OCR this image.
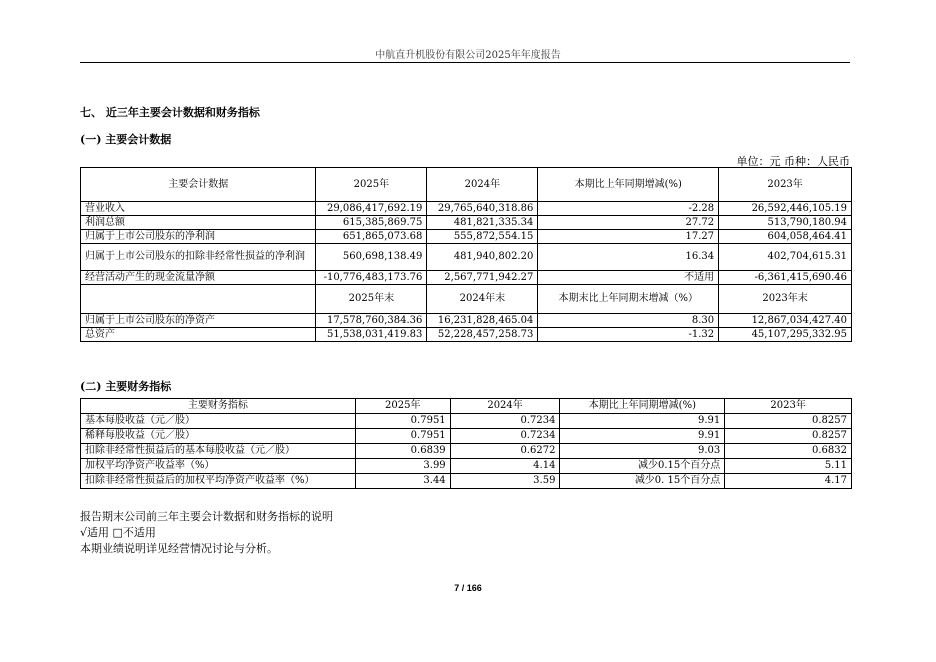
中航直升机股份有限公司2025年年度报告
七、 近三年主要会计数据和财务指标
(一) 主要会计数据
单位：元 币种：人民币
主要会计数据	2025年	2024年	本期比上年同期增减(%)	2023年
营业收入	29,086,417,692.19	29,765,640,318.86	-2.28	26,592,446,105.19
利润总额	615,385,869.75	481,821,335.34	27.72	513,790,180.94
归属于上市公司股东的净利润	651,865,073.68	555,872,554.15	17.27	604,058,464.41
归属于上市公司股东的扣除非经常性损益的净利润	560,698,138.49	481,940,802.20	16.34	402,704,615.31
经营活动产生的现金流量净额	-10,776,483,173.76	2,567,771,942.27	不适用	-6,361,415,690.46
	2025年末	2024年末	本期末比上年同期末增减（%）	2023年末
归属于上市公司股东的净资产	17,578,760,384.36	16,231,828,465.04	8.30	12,867,034,427.40
总资产	51,538,031,419.83	52,228,457,258.73	-1.32	45,107,295,332.95
(二) 主要财务指标
主要财务指标	2025年	2024年	本期比上年同期增减(%)	2023年
基本每股收益（元／股）	0.7951	0.7234	9.91	0.8257
稀释每股收益（元／股）	0.7951	0.7234	9.91	0.8257
扣除非经常性损益后的基本每股收益（元／股）	0.6839	0.6272	9.03	0.6832
加权平均净资产收益率（%）	3.99	4.14	减少0.15个百分点	5.11
扣除非经常性损益后的加权平均净资产收益率（%）	3.44	3.59	减少0. 15个百分点	4.17
报告期末公司前三年主要会计数据和财务指标的说明
√适用 □不适用
本期业绩说明详见经营情况讨论与分析。
7 / 166
